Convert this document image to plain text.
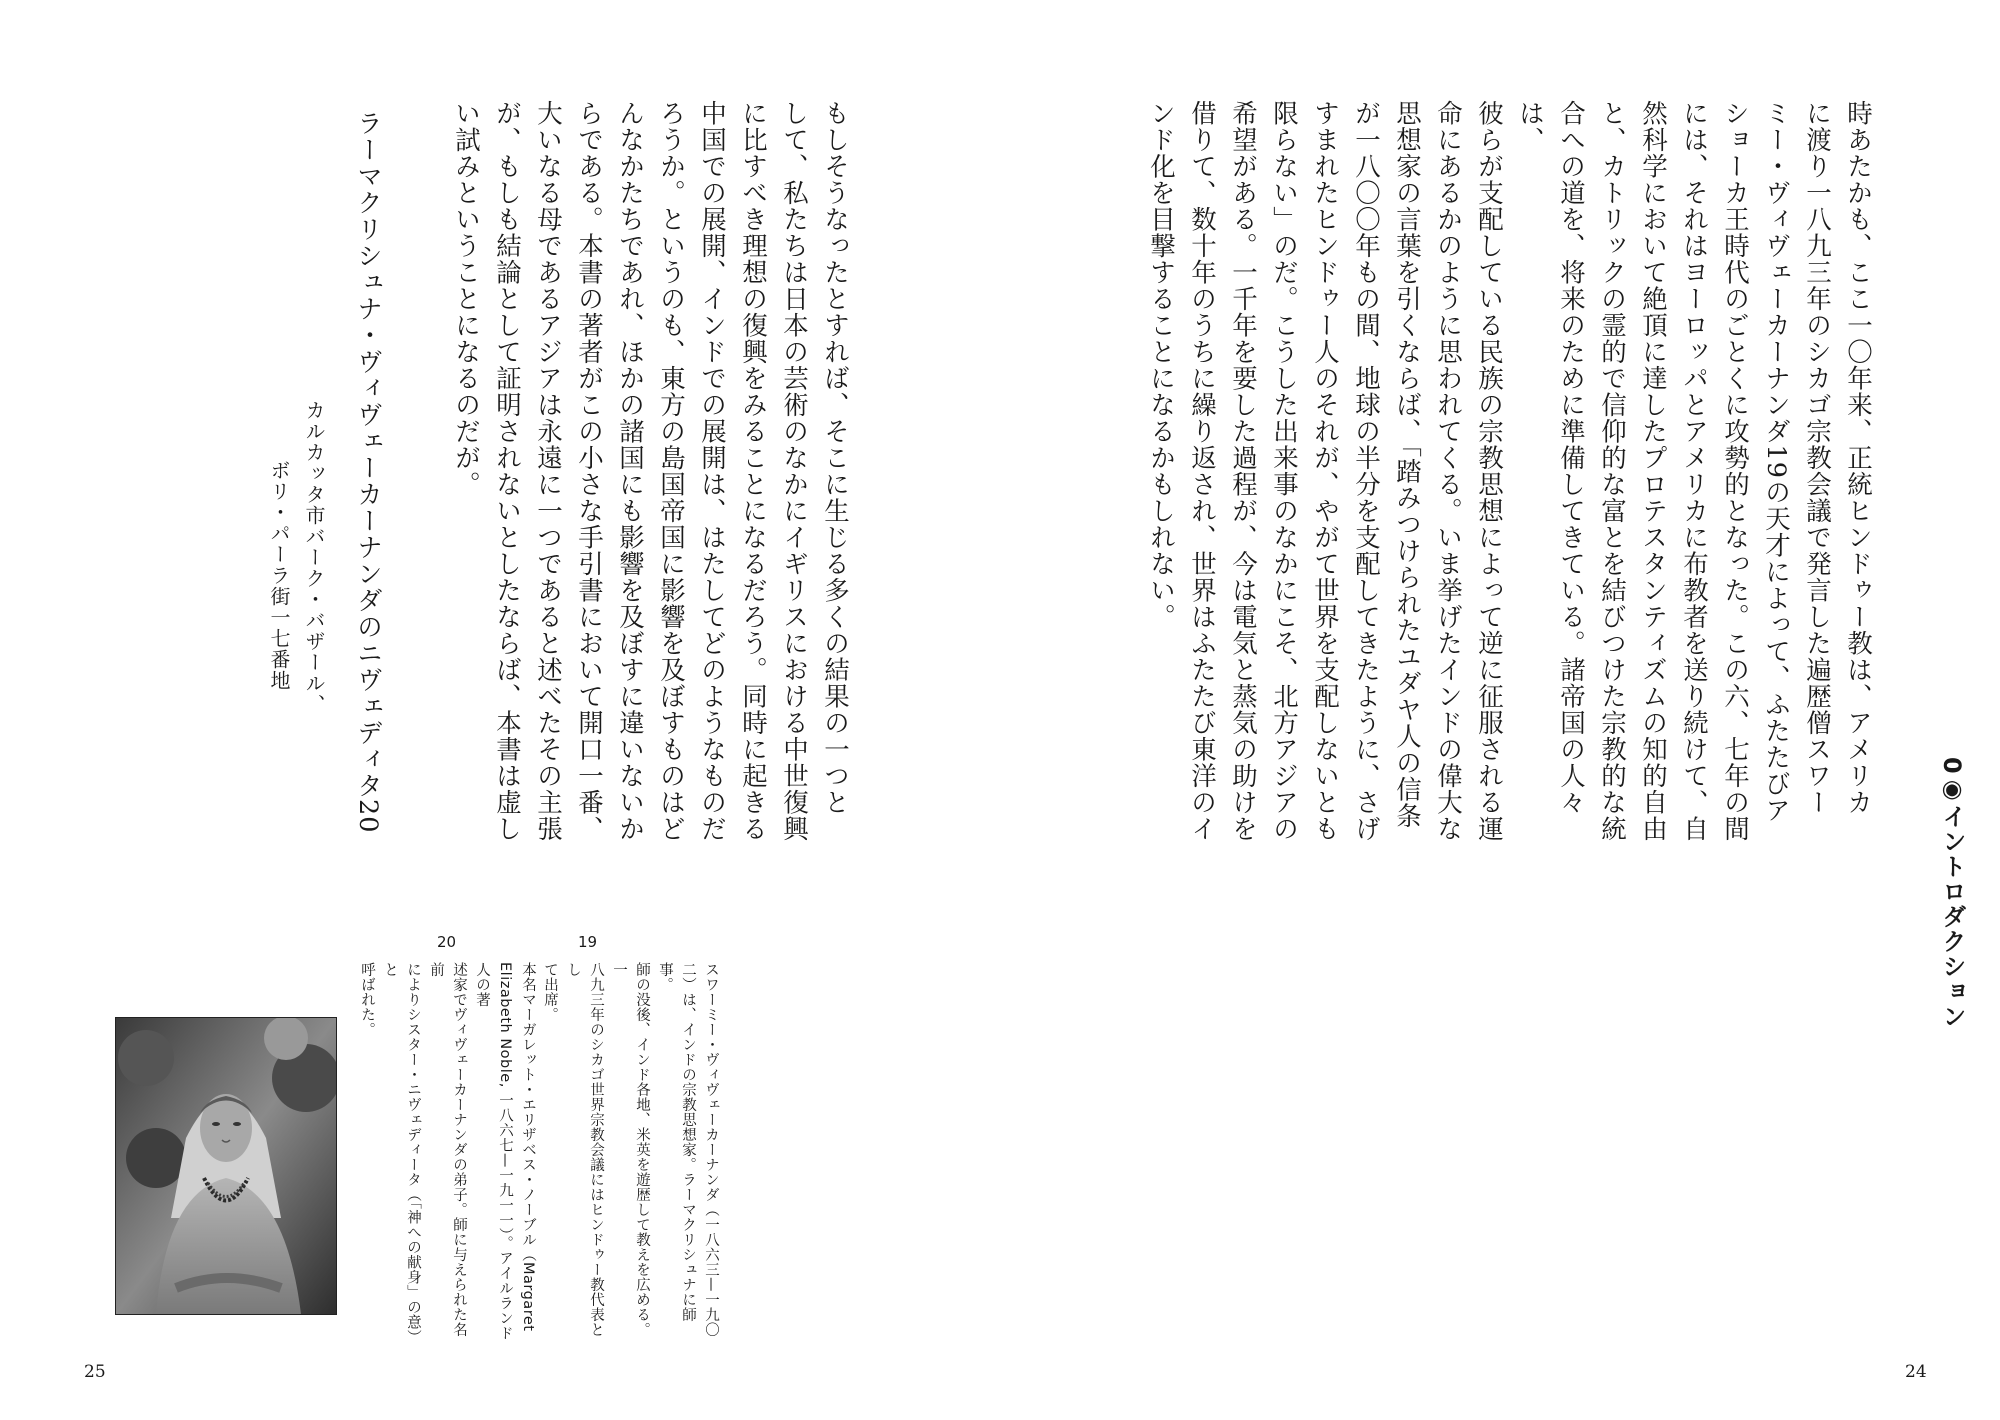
0◉イントロダクション

時あたかも、ここ一〇年来、正統ヒンドゥー教は、アメリカ
に渡り一八九三年のシカゴ宗教会議で発言した遍歴僧スワー
ミー・ヴィヴェーカーナンダ19の天才によって、ふたたびア
ショーカ王時代のごとくに攻勢的となった。この六、七年の間
には、それはヨーロッパとアメリカに布教者を送り続けて、自
然科学において絶頂に達したプロテスタンティズムの知的自由
と、カトリックの霊的で信仰的な富とを結びつけた宗教的な統
合への道を、将来のために準備してきている。諸帝国の人々は、
彼らが支配している民族の宗教思想によって逆に征服される運
命にあるかのように思われてくる。いま挙げたインドの偉大な
思想家の言葉を引くならば、「踏みつけられたユダヤ人の信条
が一八〇〇年もの間、地球の半分を支配してきたように、さげ
すまれたヒンドゥー人のそれが、やがて世界を支配しないとも
限らない」のだ。こうした出来事のなかにこそ、北方アジアの
希望がある。一千年を要した過程が、今は電気と蒸気の助けを
借りて、数十年のうちに繰り返され、世界はふたたび東洋のイ
ンド化を目撃することになるかもしれない。

24

もしそうなったとすれば、そこに生じる多くの結果の一つと
して、私たちは日本の芸術のなかにイギリスにおける中世復興
に比すべき理想の復興をみることになるだろう。同時に起きる
中国での展開、インドでの展開は、はたしてどのようなものだ
ろうか。というのも、東方の島国帝国に影響を及ぼすものはど
んなかたちであれ、ほかの諸国にも影響を及ぼすに違いないか
らである。本書の著者がこの小さな手引書において開口一番、
大いなる母であるアジアは永遠に一つであると述べたその主張
が、もしも結論として証明されないとしたならば、本書は虚し
い試みということになるのだが。

ラーマクリシュナ・ヴィヴェーカーナンダのニヴェディタ20
カルカッタ市バーク・バザール、
ボリ・パーラ街一七番地
19
スワーミー・ヴィヴェーカーナンダ（一八六三—一九〇
二）は、インドの宗教思想家。ラーマクリシュナに師事。
師の没後、インド各地、米英を遊歴して教えを広める。一
八九三年のシカゴ世界宗教会議にはヒンドゥー教代表とし
て出席。
20
本名マーガレット・エリザベス・ノーブル（Margaret
Elizabeth Noble, 一八六七—一九一一）。アイルランド人の著
述家でヴィヴェーカーナンダの弟子。師に与えられた名前
によりシスター・ニヴェディータ（「神への献身」の意）と
呼ばれた。
25
